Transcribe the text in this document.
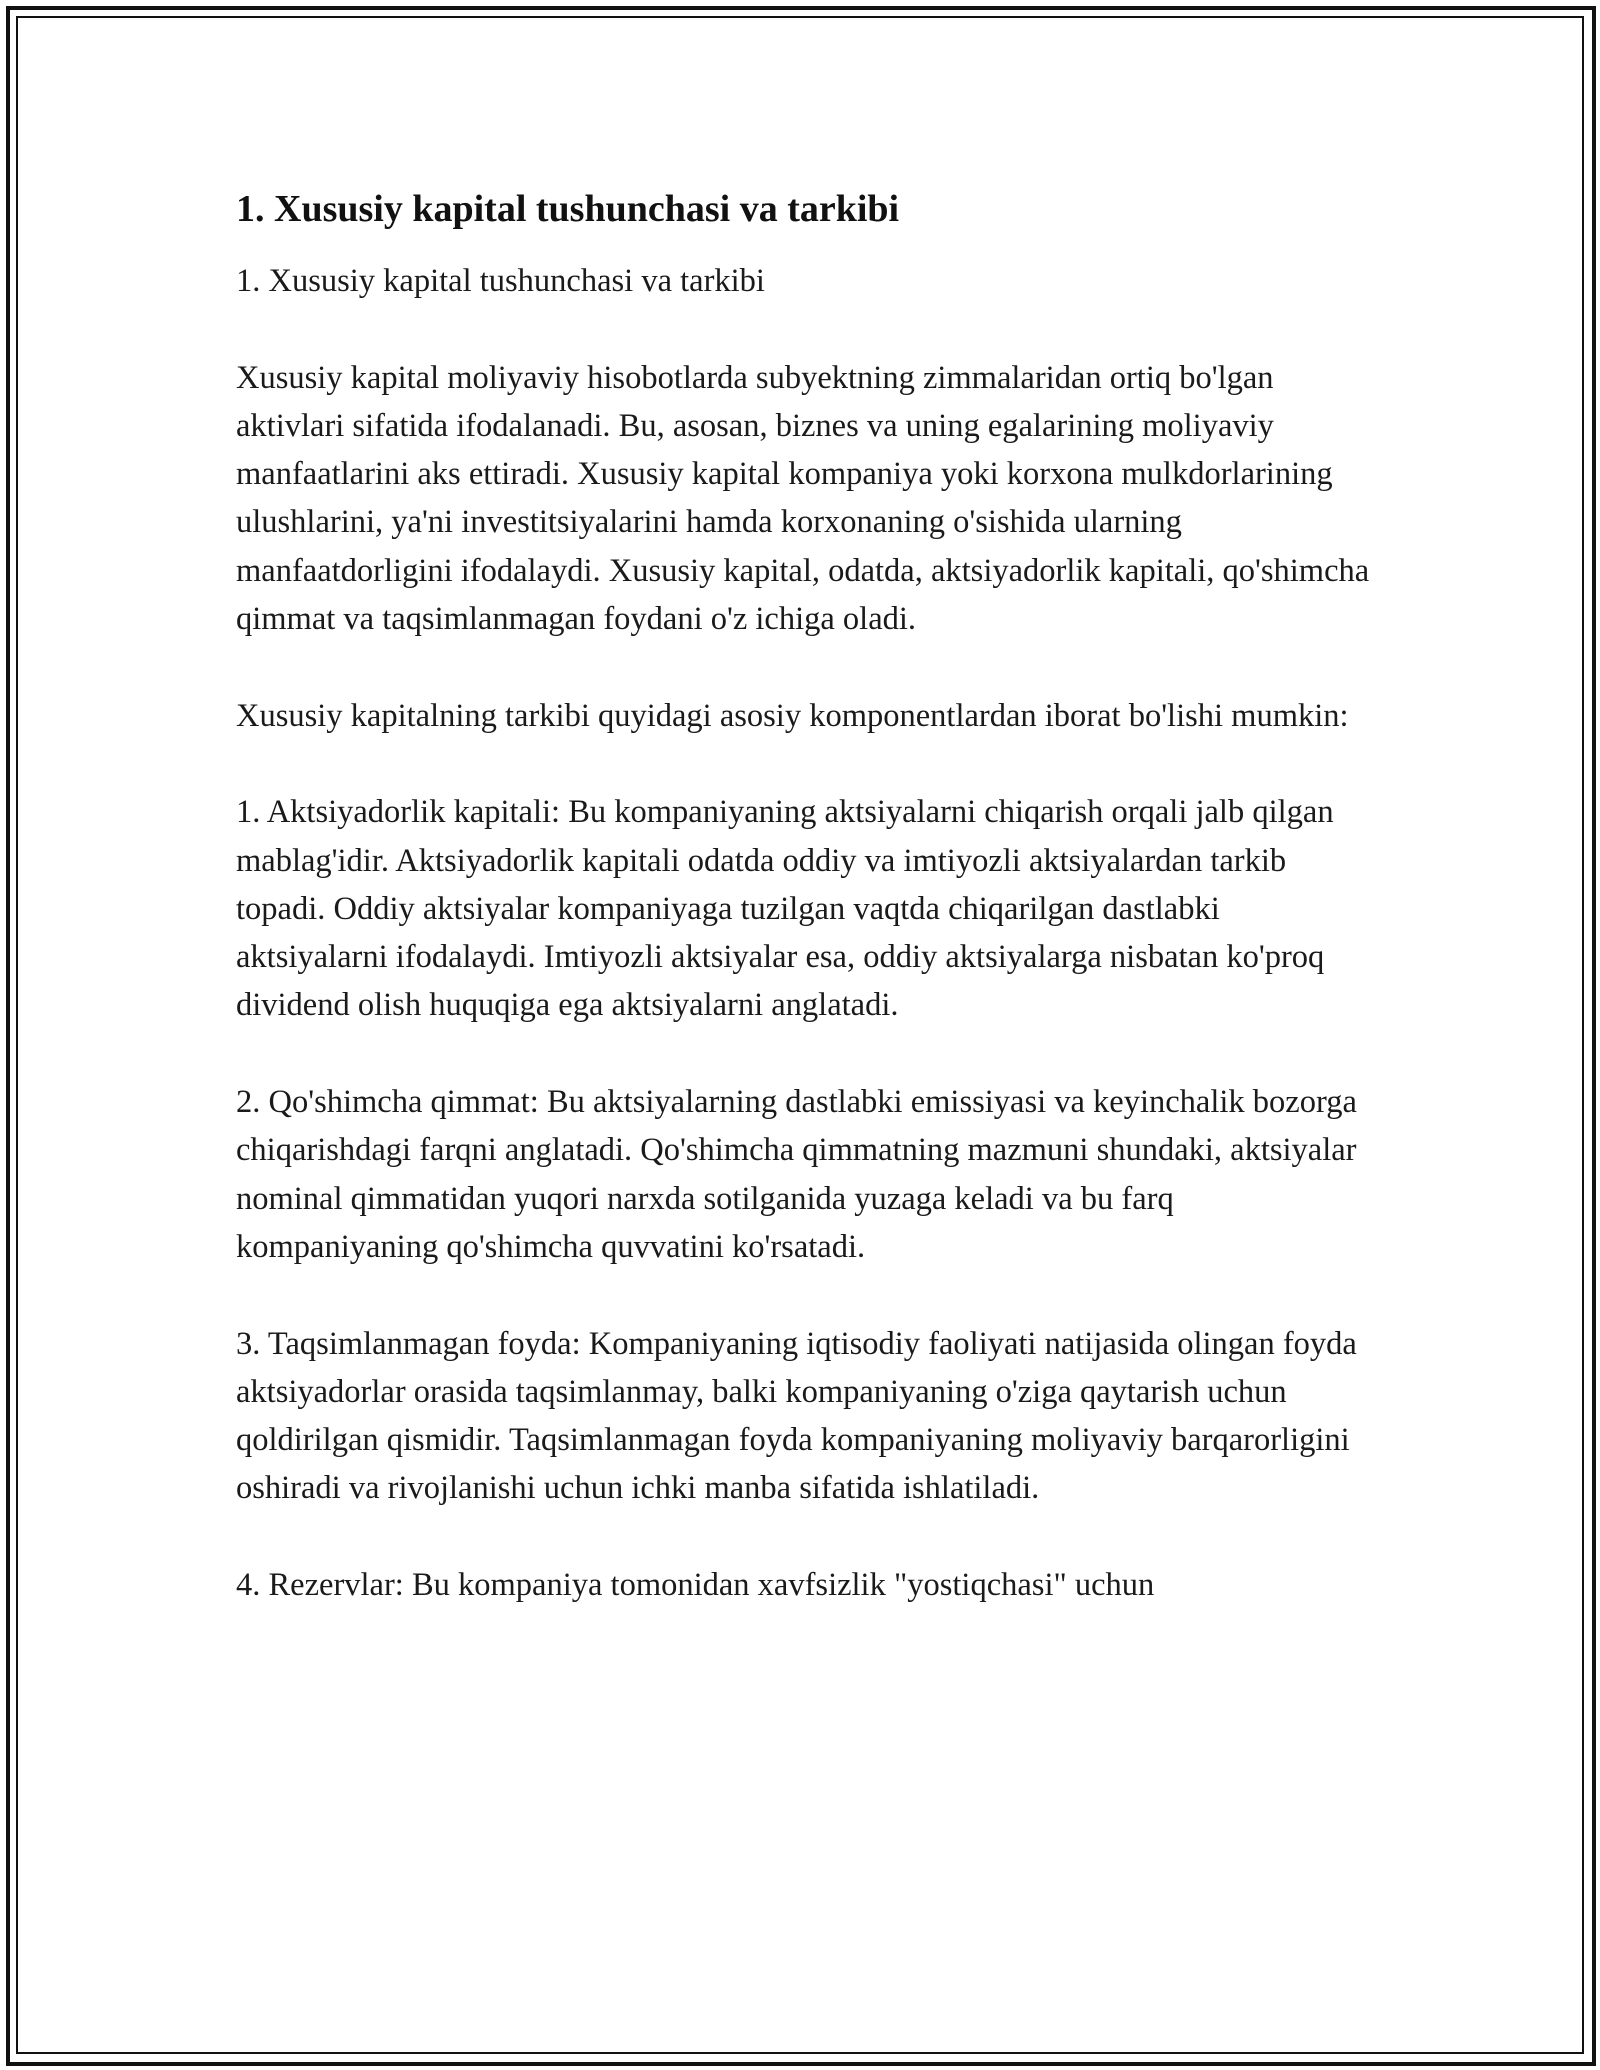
1. Xususiy kapital tushunchasi va tarkibi

1. Xususiy kapital tushunchasi va tarkibi

Xususiy kapital moliyaviy hisobotlarda subyektning zimmalaridan ortiq bo'lgan aktivlari sifatida ifodalanadi. Bu, asosan, biznes va uning egalarining moliyaviy manfaatlarini aks ettiradi. Xususiy kapital kompaniya yoki korxona mulkdorlarining ulushlarini, ya'ni investitsiyalarini hamda korxonaning o'sishida ularning manfaatdorligini ifodalaydi. Xususiy kapital, odatda, aktsiyadorlik kapitali, qo'shimcha qimmat va taqsimlanmagan foydani o'z ichiga oladi.

Xususiy kapitalning tarkibi quyidagi asosiy komponentlardan iborat bo'lishi mumkin:

1. Aktsiyadorlik kapitali: Bu kompaniyaning aktsiyalarni chiqarish orqali jalb qilgan mablag'idir. Aktsiyadorlik kapitali odatda oddiy va imtiyozli aktsiyalardan tarkib topadi. Oddiy aktsiyalar kompaniyaga tuzilgan vaqtda chiqarilgan dastlabki aktsiyalarni ifodalaydi. Imtiyozli aktsiyalar esa, oddiy aktsiyalarga nisbatan ko'proq dividend olish huquqiga ega aktsiyalarni anglatadi.

2. Qo'shimcha qimmat: Bu aktsiyalarning dastlabki emissiyasi va keyinchalik bozorga chiqarishdagi farqni anglatadi. Qo'shimcha qimmatning mazmuni shundaki, aktsiyalar nominal qimmatidan yuqori narxda sotilganida yuzaga keladi va bu farq kompaniyaning qo'shimcha quvvatini ko'rsatadi.

3. Taqsimlanmagan foyda: Kompaniyaning iqtisodiy faoliyati natijasida olingan foyda aktsiyadorlar orasida taqsimlanmay, balki kompaniyaning o'ziga qaytarish uchun qoldirilgan qismidir. Taqsimlanmagan foyda kompaniyaning moliyaviy barqarorligini oshiradi va rivojlanishi uchun ichki manba sifatida ishlatiladi.

4. Rezervlar: Bu kompaniya tomonidan xavfsizlik "yostiqchasi" uchun
